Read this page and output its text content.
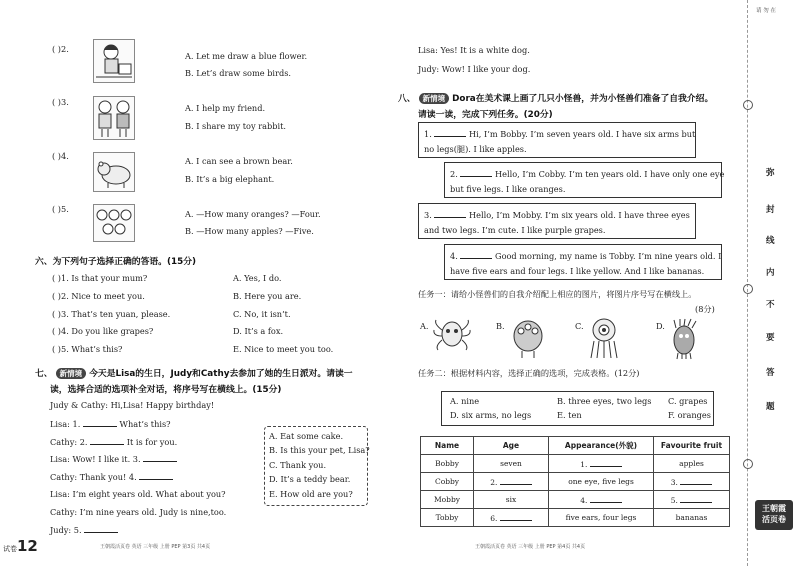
( )2.
A. Let me draw a blue flower.
B. Let’s draw some birds.
( )3.
A. I help my friend.
B. I share my toy rabbit.
( )4.	A. I can see a brown bear.
B. It’s a big elephant.
( )5.	A. —How many oranges? —Four.
B. —How many apples? —Five.
六、为下列句子选择正确的答语。(15分)
( )1. Is that your mum?	A. Yes, I do.
( )2. Nice to meet you.	B. Here you are.
( )3. That’s ten yuan, please.	C. No, it isn’t.
( )4. Do you like grapes?	D. It’s a fox.
( )5. What’s this?	E. Nice to meet you too.
七、 新情境 今天是Lisa的生日，Judy和Cathy去参加了她的生日派对。请读一
读，选择合适的选项补全对话，将序号写在横线上。(15分)
Judy & Cathy: Hi,Lisa! Happy birthday!
Lisa: 1.	What’s this?
Cathy: 2.	It is for you.
Lisa: Wow! I like it. 3.
Cathy: Thank you! 4.
Lisa: I’m eight years old. What about you?
Cathy: I’m nine years old. Judy is nine,too.
Judy: 5.
A. Eat some cake.
B. Is this your pet, Lisa?
C. Thank you.
D. It’s a teddy bear.
E. How old are you?
试卷12	王朝霞活页卷 英语 三年级 上册 PEP 第3页 共4页
Lisa: Yes! It is a white dog.
Judy: Wow! I like your dog.
八、 新情境 Dora在美术课上画了几只小怪兽，并为小怪兽们准备了自我介绍。
请读一读，完成下列任务。(20分)
1.	Hi, I’m Bobby. I’m seven years old. I have six arms but
no legs(腿). I like apples.
2.	Hello, I’m Cobby. I’m ten years old. I have only one eye
but five legs. I like oranges.
3.	Hello, I’m Mobby. I’m six years old. I have three eyes
and two legs. I’m cute. I like purple grapes.
4.	Good morning, my name is Tobby. I’m nine years old. I
have five ears and four legs. I like yellow. And I like bananas.
任务一：请给小怪兽们的自我介绍配上相应的图片，将图片序号写在横线上。
(8分)
A.	B.	C.	D.
任务二：根据材料内容，选择正确的选项，完成表格。(12分)
A. nine	B. three eyes, two legs C. grapes
D. six arms, no legs	E. ten	F. oranges
Name	Age	Appearance(外貌)	Favourite fruit
Bobby	seven	1.	apples
Cobby	2.	one eye, five legs	3.
Mobby	six	4.	5.
Tobby	6.	five ears, four legs	bananas
王朝霞活页卷 英语 三年级 上册 PEP 第4页 共4页
请 勿 在
弥
封
线
内
不
要
答
题
王朝霞
活页卷
